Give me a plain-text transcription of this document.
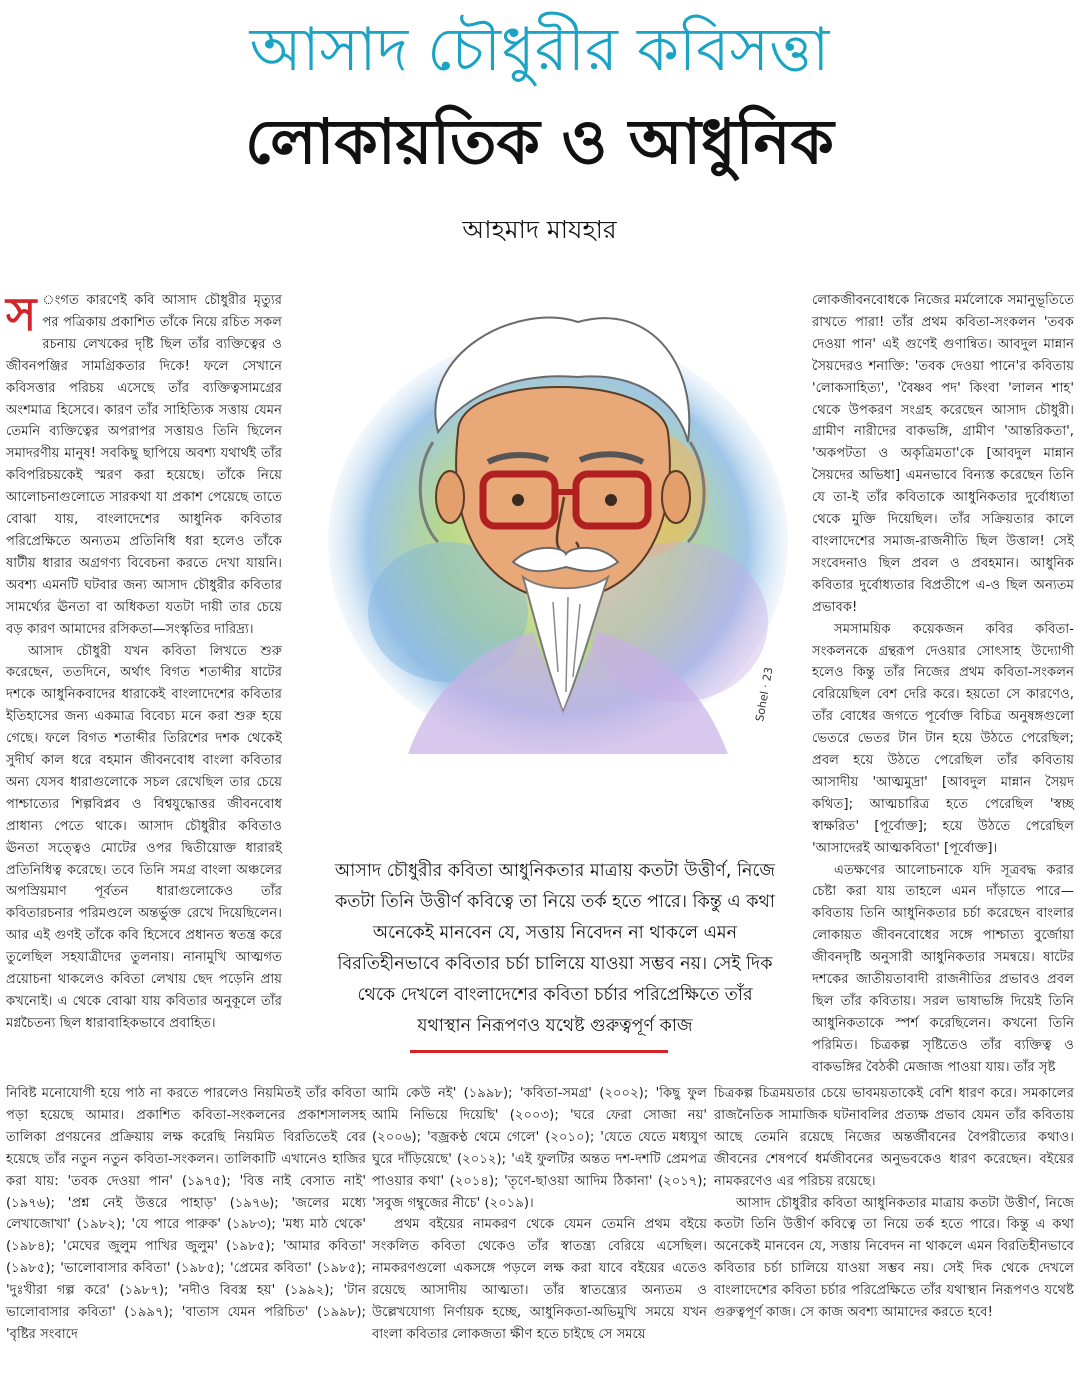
আসাদ চৌধুরীর কবিসত্তা
লোকায়তিক ও আধুনিক
আহমাদ মাযহার
Sohel · 23

স ংগত কারণেই কবি আসাদ চৌধুরীর মৃত্যুর পর পত্রিকায় প্রকাশিত তাঁকে নিয়ে রচিত সকল রচনায় লেখকের দৃষ্টি ছিল তাঁর ব্যক্তিত্বের ও জীবনপঞ্জির সামগ্রিকতার দিকে! ফলে সেখানে কবিসত্তার পরিচয় এসেছে তাঁর ব্যক্তিত্বসামগ্রের অংশমাত্র হিসেবে। কারণ তাঁর সাহিত্যিক সত্তায় যেমন তেমনি ব্যক্তিত্বের অপরাপর সত্তায়ও তিনি ছিলেন সমাদরণীয় মানুষ! সবকিছু ছাপিয়ে অবশ্য যথার্থই তাঁর কবিপরিচয়কেই স্মরণ করা হয়েছে। তাঁকে নিয়ে আলোচনাগুলোতে সারকথা যা প্রকাশ পেয়েছে তাতে বোঝা যায়, বাংলাদেশের আধুনিক কবিতার পরিপ্রেক্ষিতে অন্যতম প্রতিনিধি ধরা হলেও তাঁকে ষাটীয় ধারার অগ্রগণ্য বিবেচনা করতে দেখা যায়নি। অবশ্য এমনটি ঘটবার জন্য আসাদ চৌধুরীর কবিতার সামর্থ্যের ঊনতা বা অধিকতা যতটা দায়ী তার চেয়ে বড় কারণ আমাদের রসিকতা—সংস্কৃতির দারিদ্র্য।

আসাদ চৌধুরী যখন কবিতা লিখতে শুরু করেছেন, ততদিনে, অর্থাৎ বিগত শতাব্দীর ষাটের দশকে আধুনিকবাদের ধারাকেই বাংলাদেশের কবিতার ইতিহাসের জন্য একমাত্র বিবেচ্য মনে করা শুরু হয়ে গেছে। ফলে বিগত শতাব্দীর তিরিশের দশক থেকেই সুদীর্ঘ কাল ধরে বহমান জীবনবোধ বাংলা কবিতার অন্য যেসব ধারাগুলোকে সচল রেখেছিল তার চেয়ে পাশ্চাত্যের শিল্পবিপ্লব ও বিশ্বযুদ্ধোত্তর জীবনবোধ প্রাধান্য পেতে থাকে। আসাদ চৌধুরীর কবিতাও ঊনতা সত্ত্বেও মোটের ওপর দ্বিতীয়োক্ত ধারারই প্রতিনিধিত্ব করেছে। তবে তিনি সমগ্র বাংলা অঞ্চলের অপস্রিয়মাণ পূর্বতন ধারাগুলোকেও তাঁর কবিতারচনার পরিমণ্ডলে অন্তর্ভুক্ত রেখে দিয়েছিলেন। আর এই গুণই তাঁকে কবি হিসেবে প্রধানত স্বতন্ত্র করে তুলেছিল সহযাত্রীদের তুলনায়। নানামুখি আত্মগত প্রয়োচনা থাকলেও কবিতা লেখায় ছেদ পড়েনি প্রায় কখনোই। এ থেকে বোঝা যায় কবিতার অনুকূলে তাঁর মগ্নচৈতন্য ছিল ধারাবাহিকভাবে প্রবাহিত।

আসাদ চৌধুরীর কবিতা আধুনিকতার মাত্রায় কতটা উত্তীর্ণ, নিজে কতটা তিনি উত্তীর্ণ কবিত্বে তা নিয়ে তর্ক হতে পারে। কিন্তু এ কথা অনেকেই মানবেন যে, সত্তায় নিবেদন না থাকলে এমন বিরতিহীনভাবে কবিতার চর্চা চালিয়ে যাওয়া সম্ভব নয়। সেই দিক থেকে দেখলে বাংলাদেশের কবিতা চর্চার পরিপ্রেক্ষিতে তাঁর যথাস্থান নিরূপণও যথেষ্ট গুরুত্বপূর্ণ কাজ

নিবিষ্ট মনোযোগী হয়ে পাঠ না করতে পারলেও নিয়মিতই তাঁর কবিতা পড়া হয়েছে আমার। প্রকাশিত কবিতা-সংকলনের প্রকাশসালসহ তালিকা প্রণয়নের প্রক্রিয়ায় লক্ষ করেছি নিয়মিত বিরতিতেই বের হয়েছে তাঁর নতুন নতুন কবিতা-সংকলন। তালিকাটি এখানেও হাজির করা যায়: 'তবক দেওয়া পান' (১৯৭৫); 'বিত্ত নাই বেসাত নাই' (১৯৭৬); 'প্রশ্ন নেই উত্তরে পাহাড়' (১৯৭৬); 'জলের মধ্যে লেখাজোখা' (১৯৮২); 'যে পারে পারুক' (১৯৮৩); 'মধ্য মাঠ থেকে' (১৯৮৪); 'মেঘের জুলুম পাখির জুলুম' (১৯৮৫); 'আমার কবিতা' (১৯৮৫); 'ভালোবাসার কবিতা' (১৯৮৫); 'প্রেমের কবিতা' (১৯৮৫); 'দুঃখীরা গল্প করে' (১৯৮৭); 'নদীও বিবস্ত্র হয়' (১৯৯২); 'টান ভালোবাসার কবিতা' (১৯৯৭); 'বাতাস যেমন পরিচিত' (১৯৯৮); 'বৃষ্টির সংবাদে

আমি কেউ নই' (১৯৯৮); 'কবিতা-সমগ্র' (২০০২); 'কিছু ফুল আমি নিভিয়ে দিয়েছি' (২০০৩); 'ঘরে ফেরা সোজা নয়' (২০০৬); 'বজ্রকণ্ঠ থেমে গেলে' (২০১০); 'যেতে যেতে মধ্যযুগ ঘুরে দাঁড়িয়েছে' (২০১২); 'এই ফুলটির অন্তত দশ-দশটি প্রেমপত্র পাওয়ার কথা' (২০১৪); 'তৃণে-ছাওয়া আদিম ঠিকানা' (২০১৭); 'সবুজ গম্বুজের নীচে' (২০১৯)।

প্রথম বইয়ের নামকরণ থেকে যেমন তেমনি প্রথম বইয়ে সংকলিত কবিতা থেকেও তাঁর স্বাতন্ত্র্য বেরিয়ে এসেছিল। নামকরণগুলো একসঙ্গে পড়লে লক্ষ করা যাবে বইয়ের এতেও রয়েছে আসাদীয় আত্মতা। তাঁর স্বাতন্ত্র্যের অন্যতম ও উল্লেখযোগ্য নির্ণায়ক হচ্ছে, আধুনিকতা-অভিমুখি সময়ে যখন বাংলা কবিতার লোকজতা ক্ষীণ হতে চাইছে সে সময়ে

লোকজীবনবোধকে নিজের মর্মলোকে সমানুভূতিতে রাখতে পারা! তাঁর প্রথম কবিতা-সংকলন 'তবক দেওয়া পান' এই গুণেই গুণান্বিত। আবদুল মান্নান সৈয়দেরও শনাক্তি: 'তবক দেওয়া পানে'র কবিতায় 'লোকসাহিত্য', 'বৈষ্ণব পদ' কিংবা 'লালন শাহ' থেকে উপকরণ সংগ্রহ করেছেন আসাদ চৌধুরী। গ্রামীণ নারীদের বাকভঙ্গি, গ্রামীণ 'আন্তরিকতা', 'অকপটতা ও অকৃত্রিমতা'কে [আবদুল মান্নান সৈয়দের অভিধা] এমনভাবে বিন্যস্ত করেছেন তিনি যে তা-ই তাঁর কবিতাকে আধুনিকতার দুর্বোধ্যতা থেকে মুক্তি দিয়েছিল। তাঁর সক্রিয়তার কালে বাংলাদেশের সমাজ-রাজনীতি ছিল উত্তাল! সেই সংবেদনাও ছিল প্রবল ও প্রবহমান। আধুনিক কবিতার দুর্বোধ্যতার বিপ্রতীপে এ-ও ছিল অন্যতম প্রভাবক!

সমসাময়িক কয়েকজন কবির কবিতা-সংকলনকে গ্রন্থরূপ দেওয়ার সোৎসাহ উদ্যোগী হলেও কিন্তু তাঁর নিজের প্রথম কবিতা-সংকলন বেরিয়েছিল বেশ দেরি করে। হয়তো সে কারণেও, তাঁর বোধের জগতে পূর্বোক্ত বিচিত্র অনুষঙ্গগুলো ভেতরে ভেতর টান টান হয়ে উঠতে পেরেছিল; প্রবল হয়ে উঠতে পেরেছিল তাঁর কবিতায় আসাদীয় 'আত্মমুদ্রা' [আবদুল মান্নান সৈয়দ কথিত]; আত্মচারিত্র হতে পেরেছিল 'স্বচ্ছ স্বাক্ষরিত' [পূর্বোক্ত]; হয়ে উঠতে পেরেছিল 'আসাদেরই আত্মকবিতা' [পূর্বোক্ত]।

এতক্ষণের আলোচনাকে যদি সূত্রবদ্ধ করার চেষ্টা করা যায় তাহলে এমন দাঁড়াতে পারে—কবিতায় তিনি আধুনিকতার চর্চা করেছেন বাংলার লোকায়ত জীবনবোধের সঙ্গে পাশ্চাত্য বুর্জোয়া জীবনদৃষ্টি অনুসারী আধুনিকতার সমন্বয়ে। ষাটের দশকের জাতীয়তাবাদী রাজনীতির প্রভাবও প্রবল ছিল তাঁর কবিতায়। সরল ভাষাভঙ্গি দিয়েই তিনি আধুনিকতাকে স্পর্শ করেছিলেন। কখনো তিনি পরিমিত। চিত্রকল্প সৃষ্টিতেও তাঁর ব্যক্তিত্ব ও বাকভঙ্গির বৈঠকী মেজাজ পাওয়া যায়। তাঁর সৃষ্ট

চিত্রকল্প চিত্রময়তার চেয়ে ভাবময়তাকেই বেশি ধারণ করে। সমকালের রাজনৈতিক সামাজিক ঘটনাবলির প্রত্যক্ষ প্রভাব যেমন তাঁর কবিতায় আছে তেমনি রয়েছে নিজের অন্তর্জীবনের বৈপরীত্যের কথাও। জীবনের শেষপর্বে ধর্মজীবনের অনুভবকেও ধারণ করেছেন। বইয়ের নামকরণেও এর পরিচয় রয়েছে।

আসাদ চৌধুরীর কবিতা আধুনিকতার মাত্রায় কতটা উত্তীর্ণ, নিজে কতটা তিনি উত্তীর্ণ কবিত্বে তা নিয়ে তর্ক হতে পারে। কিন্তু এ কথা অনেকেই মানবেন যে, সত্তায় নিবেদন না থাকলে এমন বিরতিহীনভাবে কবিতার চর্চা চালিয়ে যাওয়া সম্ভব নয়। সেই দিক থেকে দেখলে বাংলাদেশের কবিতা চর্চার পরিপ্রেক্ষিতে তাঁর যথাস্থান নিরূপণও যথেষ্ট গুরুত্বপূর্ণ কাজ। সে কাজ অবশ্য আমাদের করতে হবে!
